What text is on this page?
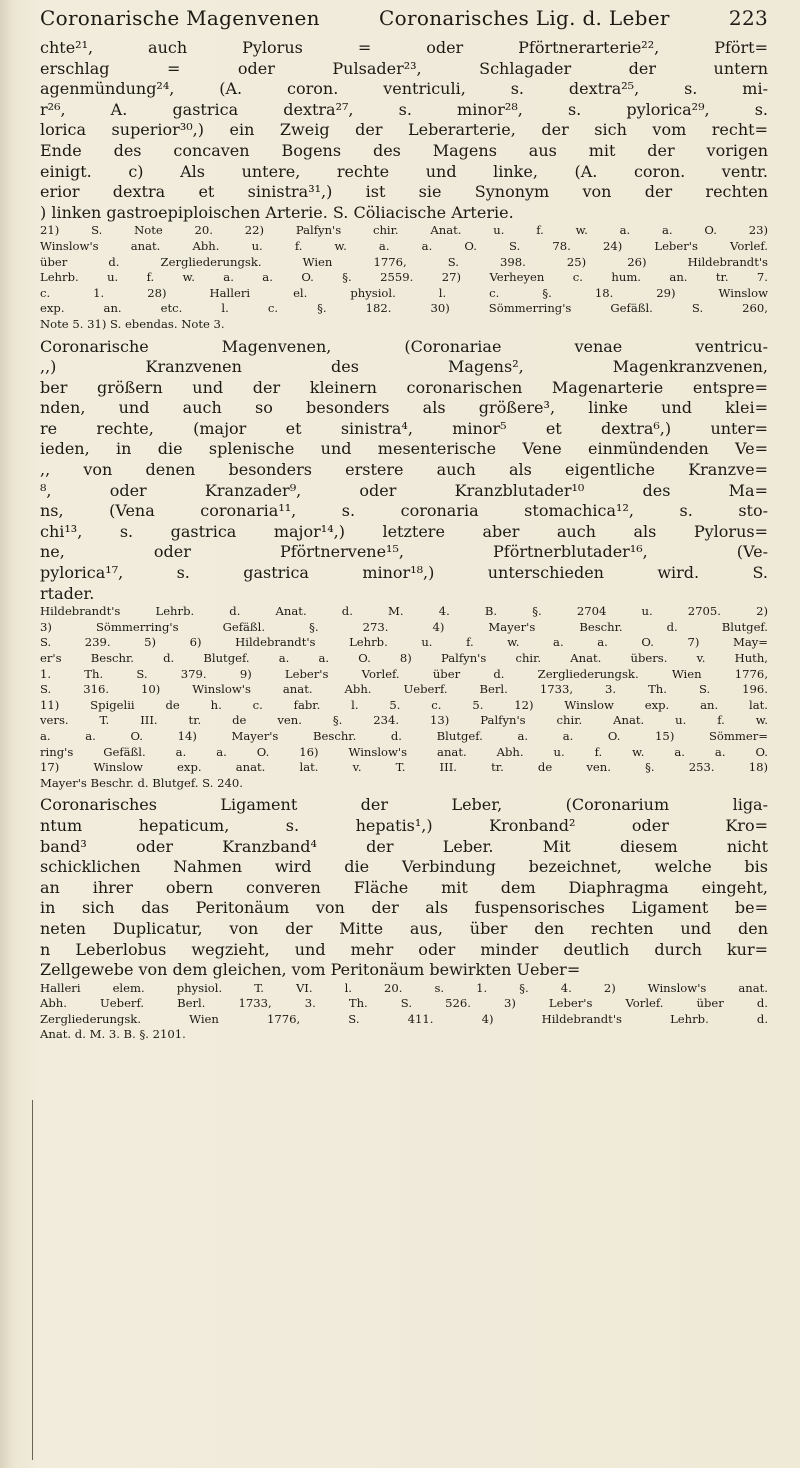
Coronarische Magenvenen	Coronarisches Lig. d. Leber	223
chte²¹, auch Pylorus = oder Pförtnerarterie²², Pfört=
erschlag = oder Pulsader²³, Schlagader der untern
agenmündung²⁴, (A. coron. ventriculi, s. dextra²⁵, s. mi-
r²⁶, A. gastrica dextra²⁷, s. minor²⁸, s. pylorica²⁹, s.
lorica superior³⁰,) ein Zweig der Leberarterie, der sich vom recht=
Ende des concaven Bogens des Magens aus mit der vorigen
einigt. c) Als untere, rechte und linke, (A. coron. ventr.
erior dextra et sinistra³¹,) ist sie Synonym von der rechten
) linken gastroepiploischen Arterie. S. Cöliacische Arterie.
21) S. Note 20. 22) Palfyn's chir. Anat. u. f. w. a. a. O. 23)
Winslow's anat. Abh. u. f. w. a. a. O. S. 78. 24) Leber's Vorlef.
über d. Zergliederungsk. Wien 1776, S. 398. 25) 26) Hildebrandt's
Lehrb. u. f. w. a. a. O. §. 2559. 27) Verheyen c. hum. an. tr. 7.
c. 1. 28) Halleri el. physiol. l. c. §. 18. 29) Winslow
exp. an. etc. l. c. §. 182. 30) Sömmerring's Gefäßl. S. 260,
Note 5. 31) S. ebendas. Note 3.
Coronarische Magenvenen, (Coronariae venae ventricu-
,,) Kranzvenen des Magens², Magenkranzvenen,
ber größern und der kleinern coronarischen Magenarterie entspre=
nden, und auch so besonders als größere³, linke und klei=
re rechte, (major et sinistra⁴, minor⁵ et dextra⁶,) unter=
ieden, in die splenische und mesenterische Vene einmündenden Ve=
,, von denen besonders erstere auch als eigentliche Kranzve=
⁸, oder Kranzader⁹, oder Kranzblutader¹⁰ des Ma=
ns, (Vena coronaria¹¹, s. coronaria stomachica¹², s. sto-
chi¹³, s. gastrica major¹⁴,) letztere aber auch als Pylorus=
ne, oder Pförtnervene¹⁵, Pförtnerblutader¹⁶, (Ve-
pylorica¹⁷, s. gastrica minor¹⁸,) unterschieden wird. S.
rtader.
Hildebrandt's Lehrb. d. Anat. d. M. 4. B. §. 2704 u. 2705. 2)
3) Sömmerring's Gefäßl. §. 273. 4) Mayer's Beschr. d. Blutgef.
S. 239. 5) 6) Hildebrandt's Lehrb. u. f. w. a. a. O. 7) May=
er's Beschr. d. Blutgef. a. a. O. 8) Palfyn's chir. Anat. übers. v. Huth,
1. Th. S. 379. 9) Leber's Vorlef. über d. Zergliederungsk. Wien 1776,
S. 316. 10) Winslow's anat. Abh. Ueberf. Berl. 1733, 3. Th. S. 196.
11) Spigelii de h. c. fabr. l. 5. c. 5. 12) Winslow exp. an. lat.
vers. T. III. tr. de ven. §. 234. 13) Palfyn's chir. Anat. u. f. w.
a. a. O. 14) Mayer's Beschr. d. Blutgef. a. a. O. 15) Sömmer=
ring's Gefäßl. a. a. O. 16) Winslow's anat. Abh. u. f. w. a. a. O.
17) Winslow exp. anat. lat. v. T. III. tr. de ven. §. 253. 18)
Mayer's Beschr. d. Blutgef. S. 240.
Coronarisches Ligament der Leber, (Coronarium liga-
ntum hepaticum, s. hepatis¹,) Kronband² oder Kro=
band³ oder Kranzband⁴ der Leber. Mit diesem nicht
schicklichen Nahmen wird die Verbindung bezeichnet, welche bis
an ihrer obern converen Fläche mit dem Diaphragma eingeht,
in sich das Peritonäum von der als fuspensorisches Ligament be=
neten Duplicatur, von der Mitte aus, über den rechten und den
n Leberlobus wegzieht, und mehr oder minder deutlich durch kur=
Zellgewebe von dem gleichen, vom Peritonäum bewirkten Ueber=
Halleri elem. physiol. T. VI. l. 20. s. 1. §. 4. 2) Winslow's anat.
Abh. Ueberf. Berl. 1733, 3. Th. S. 526. 3) Leber's Vorlef. über d.
Zergliederungsk. Wien 1776, S. 411. 4) Hildebrandt's Lehrb. d.
Anat. d. M. 3. B. §. 2101.
